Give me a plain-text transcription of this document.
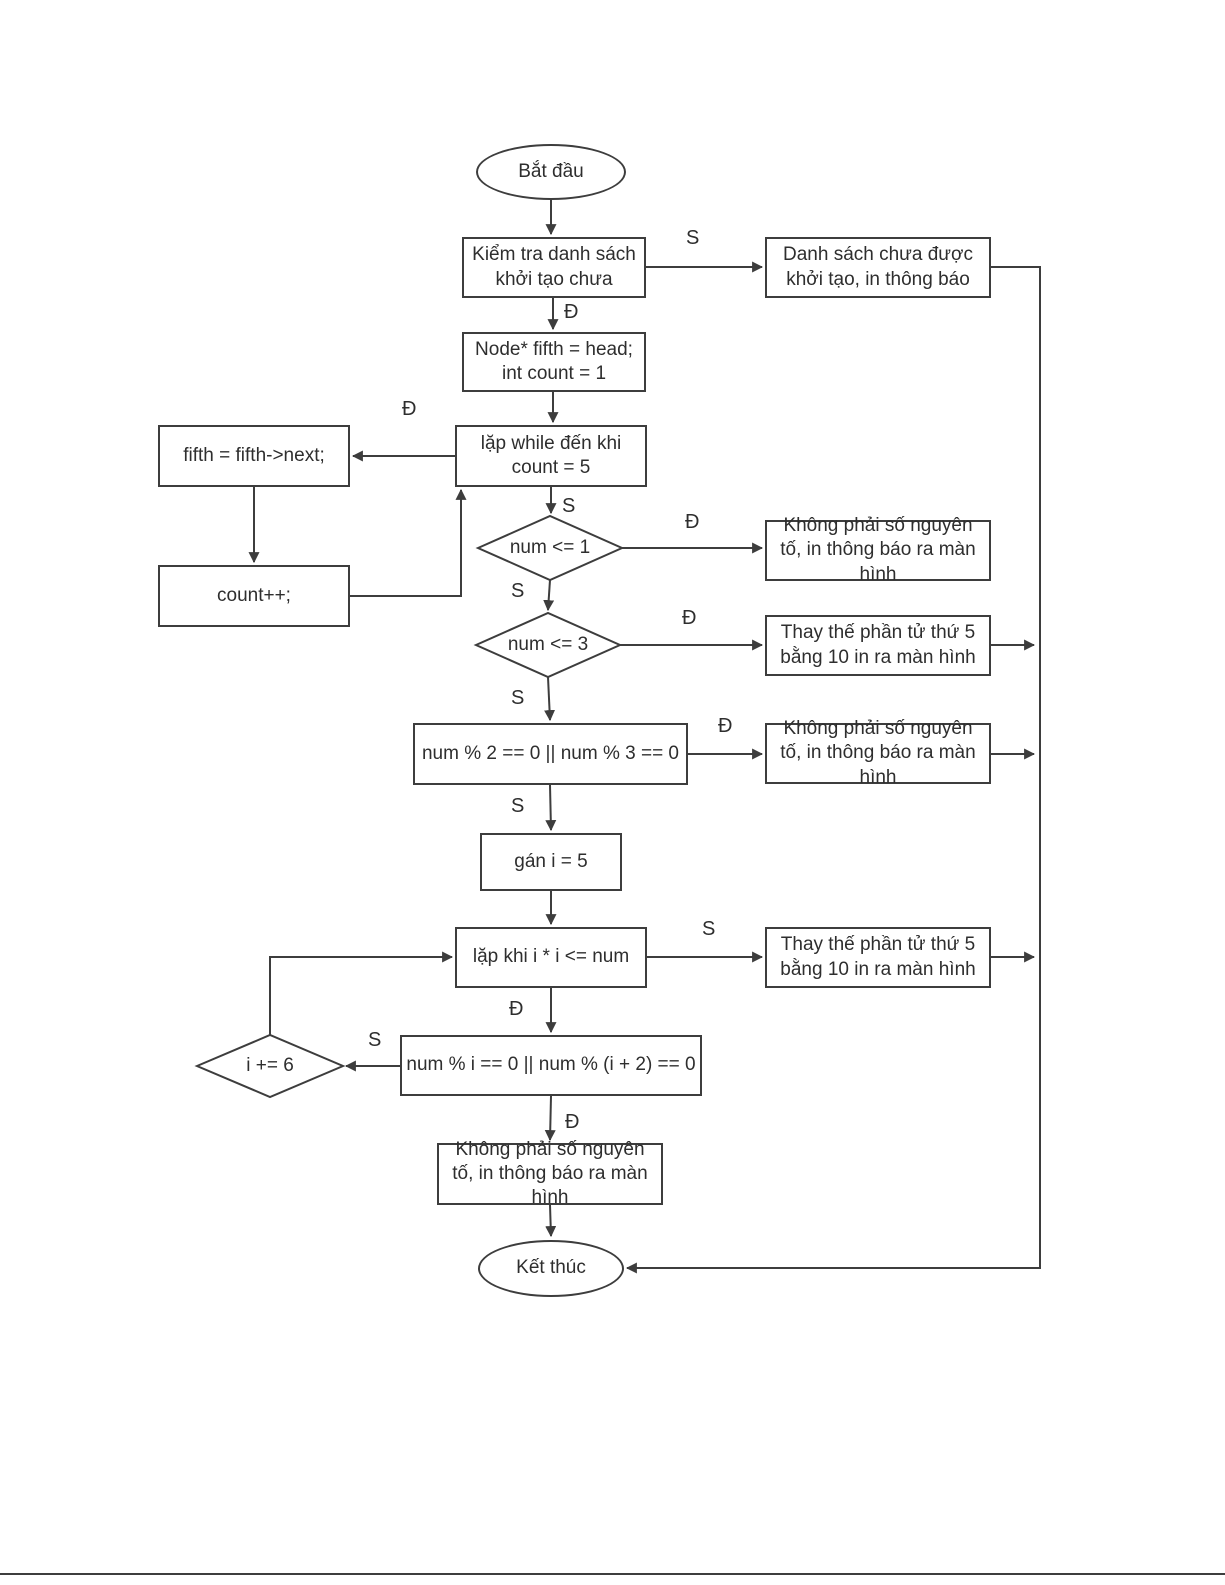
Bắt đầu
Kiểm tra danh sách khởi tạo chưa
Danh sách chưa được khởi tạo, in thông báo
Node* fifth = head;
int count = 1
lặp while đến khi count = 5
fifth = fifth->next;
count++;
num <= 1
num <= 3
i += 6
Không phải số nguyên tố, in thông báo ra màn hình
Thay thế phần tử thứ 5 bằng 10 in ra màn hình
num % 2 == 0 || num % 3 == 0
Không phải số nguyên tố, in thông báo ra màn hình
gán i = 5
lặp khi i * i <= num
Thay thế phần tử thứ 5 bằng 10 in ra màn hình
num % i == 0 || num % (i + 2) == 0
Không phải số nguyên tố, in thông báo ra màn hình
Kết thúc
S
Đ
Đ
S
Đ
S
Đ
S
Đ
S
S
Đ
S
Đ
